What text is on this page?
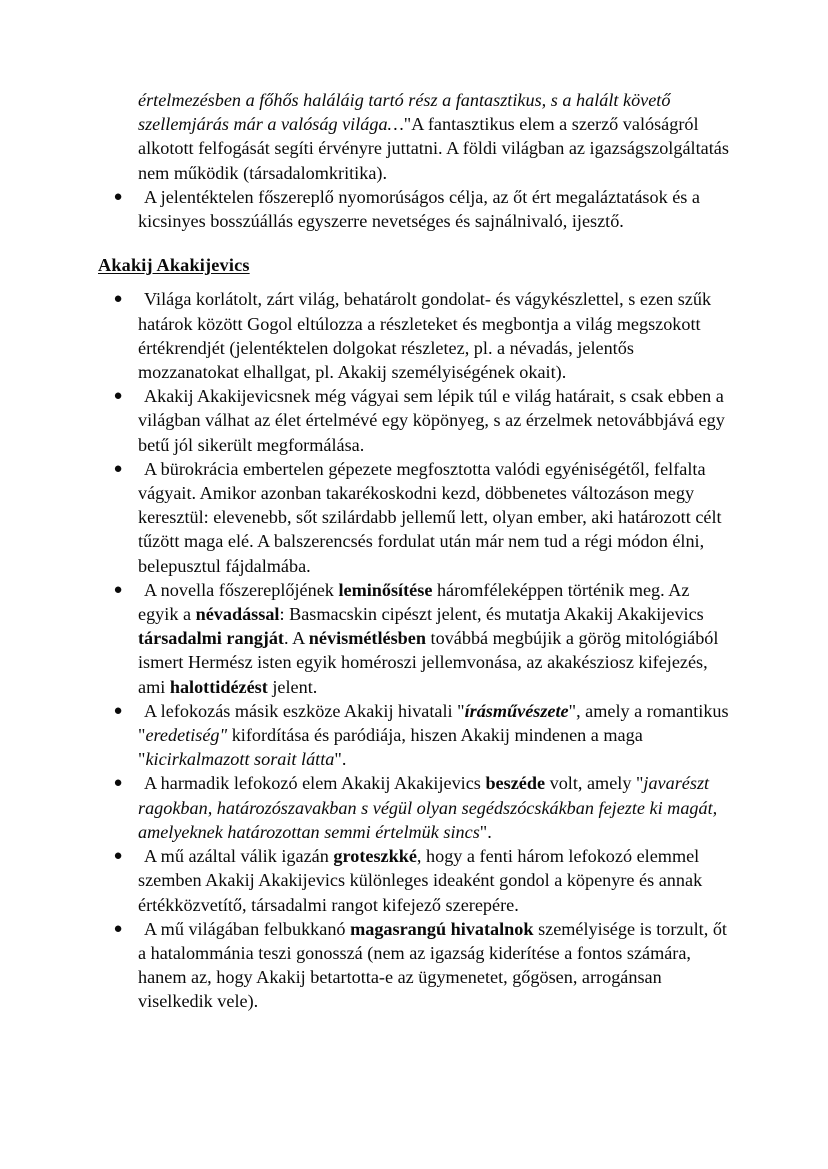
értelmezésben a főhős haláláig tartó rész a fantasztikus, s a halált követő szellemjárás már a valóság világa…"A fantasztikus elem a szerző valóságról alkotott felfogását segíti érvényre juttatni. A földi világban az igazságszolgáltatás nem működik (társadalomkritika).

●	A jelentéktelen főszereplő nyomorúságos célja, az őt ért megaláztatások és a kicsinyes bosszúállás egyszerre nevetséges és sajnálnivaló, ijesztő.
Akakij Akakijevics
●	Világa korlátolt, zárt világ, behatárolt gondolat- és vágykészlettel, s ezen szűk határok között Gogol eltúlozza a részleteket és megbontja a világ megszokott értékrendjét (jelentéktelen dolgokat részletez, pl. a névadás, jelentős mozzanatokat elhallgat, pl. Akakij személyiségének okait).
●	Akakij Akakijevicsnek még vágyai sem lépik túl e világ határait, s csak ebben a világban válhat az élet értelmévé egy köpönyeg, s az érzelmek netovábbjává egy betű jól sikerült megformálása.
●	A bürokrácia embertelen gépezete megfosztotta valódi egyéniségétől, felfalta vágyait. Amikor azonban takarékoskodni kezd, döbbenetes változáson megy keresztül: elevenebb, sőt szilárdabb jellemű lett, olyan ember, aki határozott célt tűzött maga elé. A balszerencsés fordulat után már nem tud a régi módon élni, belepusztul fájdalmába.
●	A novella főszereplőjének leminősítése háromféleképpen történik meg. Az egyik a névadással: Basmacskin cipészt jelent, és mutatja Akakij Akakijevics társadalmi rangját. A névismétlésben továbbá megbújik a görög mitológiából ismert Hermész isten egyik homéroszi jellemvonása, az akakésziosz kifejezés, ami halottidézést jelent.
●	A lefokozás másik eszköze Akakij hivatali "írásművészete", amely a romantikus "eredetiség" kifordítása és paródiája, hiszen Akakij mindenen a maga "kicirkalmazott sorait látta".
●	A harmadik lefokozó elem Akakij Akakijevics beszéde volt, amely "javarészt ragokban, határozószavakban s végül olyan segédszócskákban fejezte ki magát, amelyeknek határozottan semmi értelmük sincs".
●	A mű azáltal válik igazán groteszkké, hogy a fenti három lefokozó elemmel szemben Akakij Akakijevics különleges ideaként gondol a köpenyre és annak értékközvetítő, társadalmi rangot kifejező szerepére.
●	A mű világában felbukkanó magasrangú hivatalnok személyisége is torzult, őt a hatalommánia teszi gonosszá (nem az igazság kiderítése a fontos számára, hanem az, hogy Akakij betartotta-e az ügymenetet, gőgösen, arrogánsan viselkedik vele).
